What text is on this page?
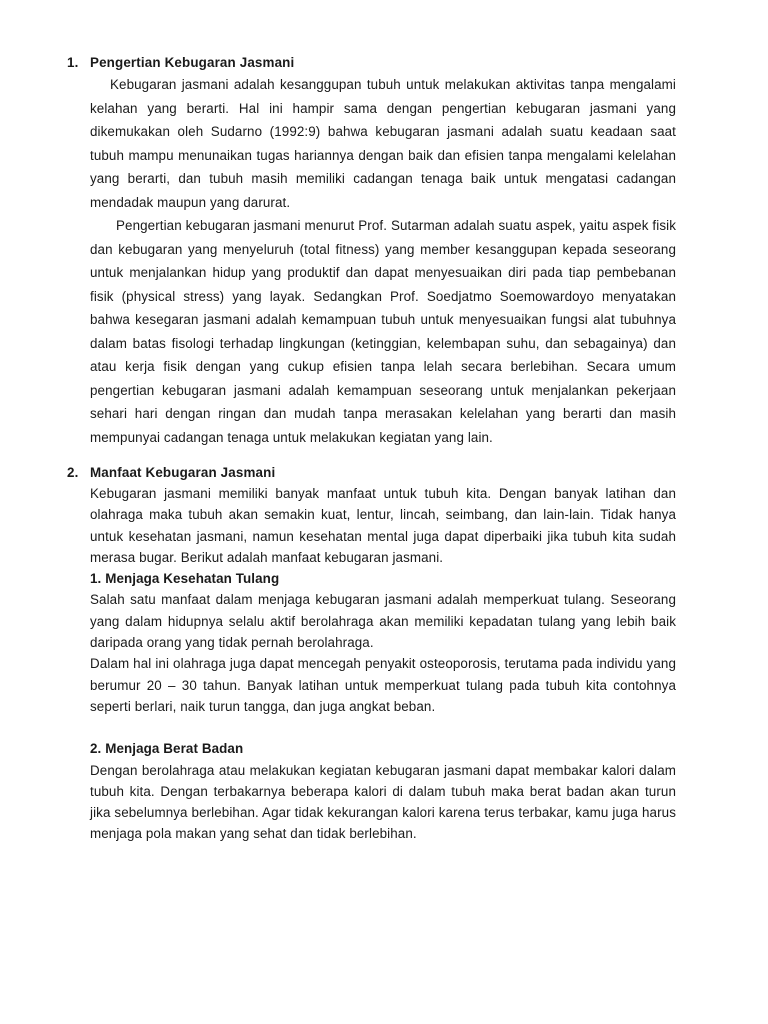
1. Pengertian Kebugaran Jasmani

Kebugaran jasmani adalah kesanggupan tubuh untuk melakukan aktivitas tanpa mengalami kelahan yang berarti. Hal ini hampir sama dengan pengertian kebugaran jasmani yang dikemukakan oleh Sudarno (1992:9) bahwa kebugaran jasmani adalah suatu keadaan saat tubuh mampu menunaikan tugas hariannya dengan baik dan efisien tanpa mengalami kelelahan yang berarti, dan tubuh masih memiliki cadangan tenaga baik untuk mengatasi cadangan mendadak maupun yang darurat.

Pengertian kebugaran jasmani menurut Prof. Sutarman adalah suatu aspek, yaitu aspek fisik dan kebugaran yang menyeluruh (total fitness) yang member kesanggupan kepada seseorang untuk menjalankan hidup yang produktif dan dapat menyesuaikan diri pada tiap pembebanan fisik (physical stress) yang layak. Sedangkan Prof. Soedjatmo Soemowardoyo menyatakan bahwa kesegaran jasmani adalah kemampuan tubuh untuk menyesuaikan fungsi alat tubuhnya dalam batas fisologi terhadap lingkungan (ketinggian, kelembapan suhu, dan sebagainya) dan atau kerja fisik dengan yang cukup efisien tanpa lelah secara berlebihan. Secara umum pengertian kebugaran jasmani adalah kemampuan seseorang untuk menjalankan pekerjaan sehari hari dengan ringan dan mudah tanpa merasakan kelelahan yang berarti dan masih mempunyai cadangan tenaga untuk melakukan kegiatan yang lain.

2. Manfaat Kebugaran Jasmani

Kebugaran jasmani memiliki banyak manfaat untuk tubuh kita. Dengan banyak latihan dan olahraga maka tubuh akan semakin kuat, lentur, lincah, seimbang, dan lain-lain. Tidak hanya untuk kesehatan jasmani, namun kesehatan mental juga dapat diperbaiki jika tubuh kita sudah merasa bugar. Berikut adalah manfaat kebugaran jasmani.

1. Menjaga Kesehatan Tulang

Salah satu manfaat dalam menjaga kebugaran jasmani adalah memperkuat tulang. Seseorang yang dalam hidupnya selalu aktif berolahraga akan memiliki kepadatan tulang yang lebih baik daripada orang yang tidak pernah berolahraga.

Dalam hal ini olahraga juga dapat mencegah penyakit osteoporosis, terutama pada individu yang berumur 20 – 30 tahun. Banyak latihan untuk memperkuat tulang pada tubuh kita contohnya seperti berlari, naik turun tangga, dan juga angkat beban.

2. Menjaga Berat Badan

Dengan berolahraga atau melakukan kegiatan kebugaran jasmani dapat membakar kalori dalam tubuh kita. Dengan terbakarnya beberapa kalori di dalam tubuh maka berat badan akan turun jika sebelumnya berlebihan. Agar tidak kekurangan kalori karena terus terbakar, kamu juga harus menjaga pola makan yang sehat dan tidak berlebihan.
